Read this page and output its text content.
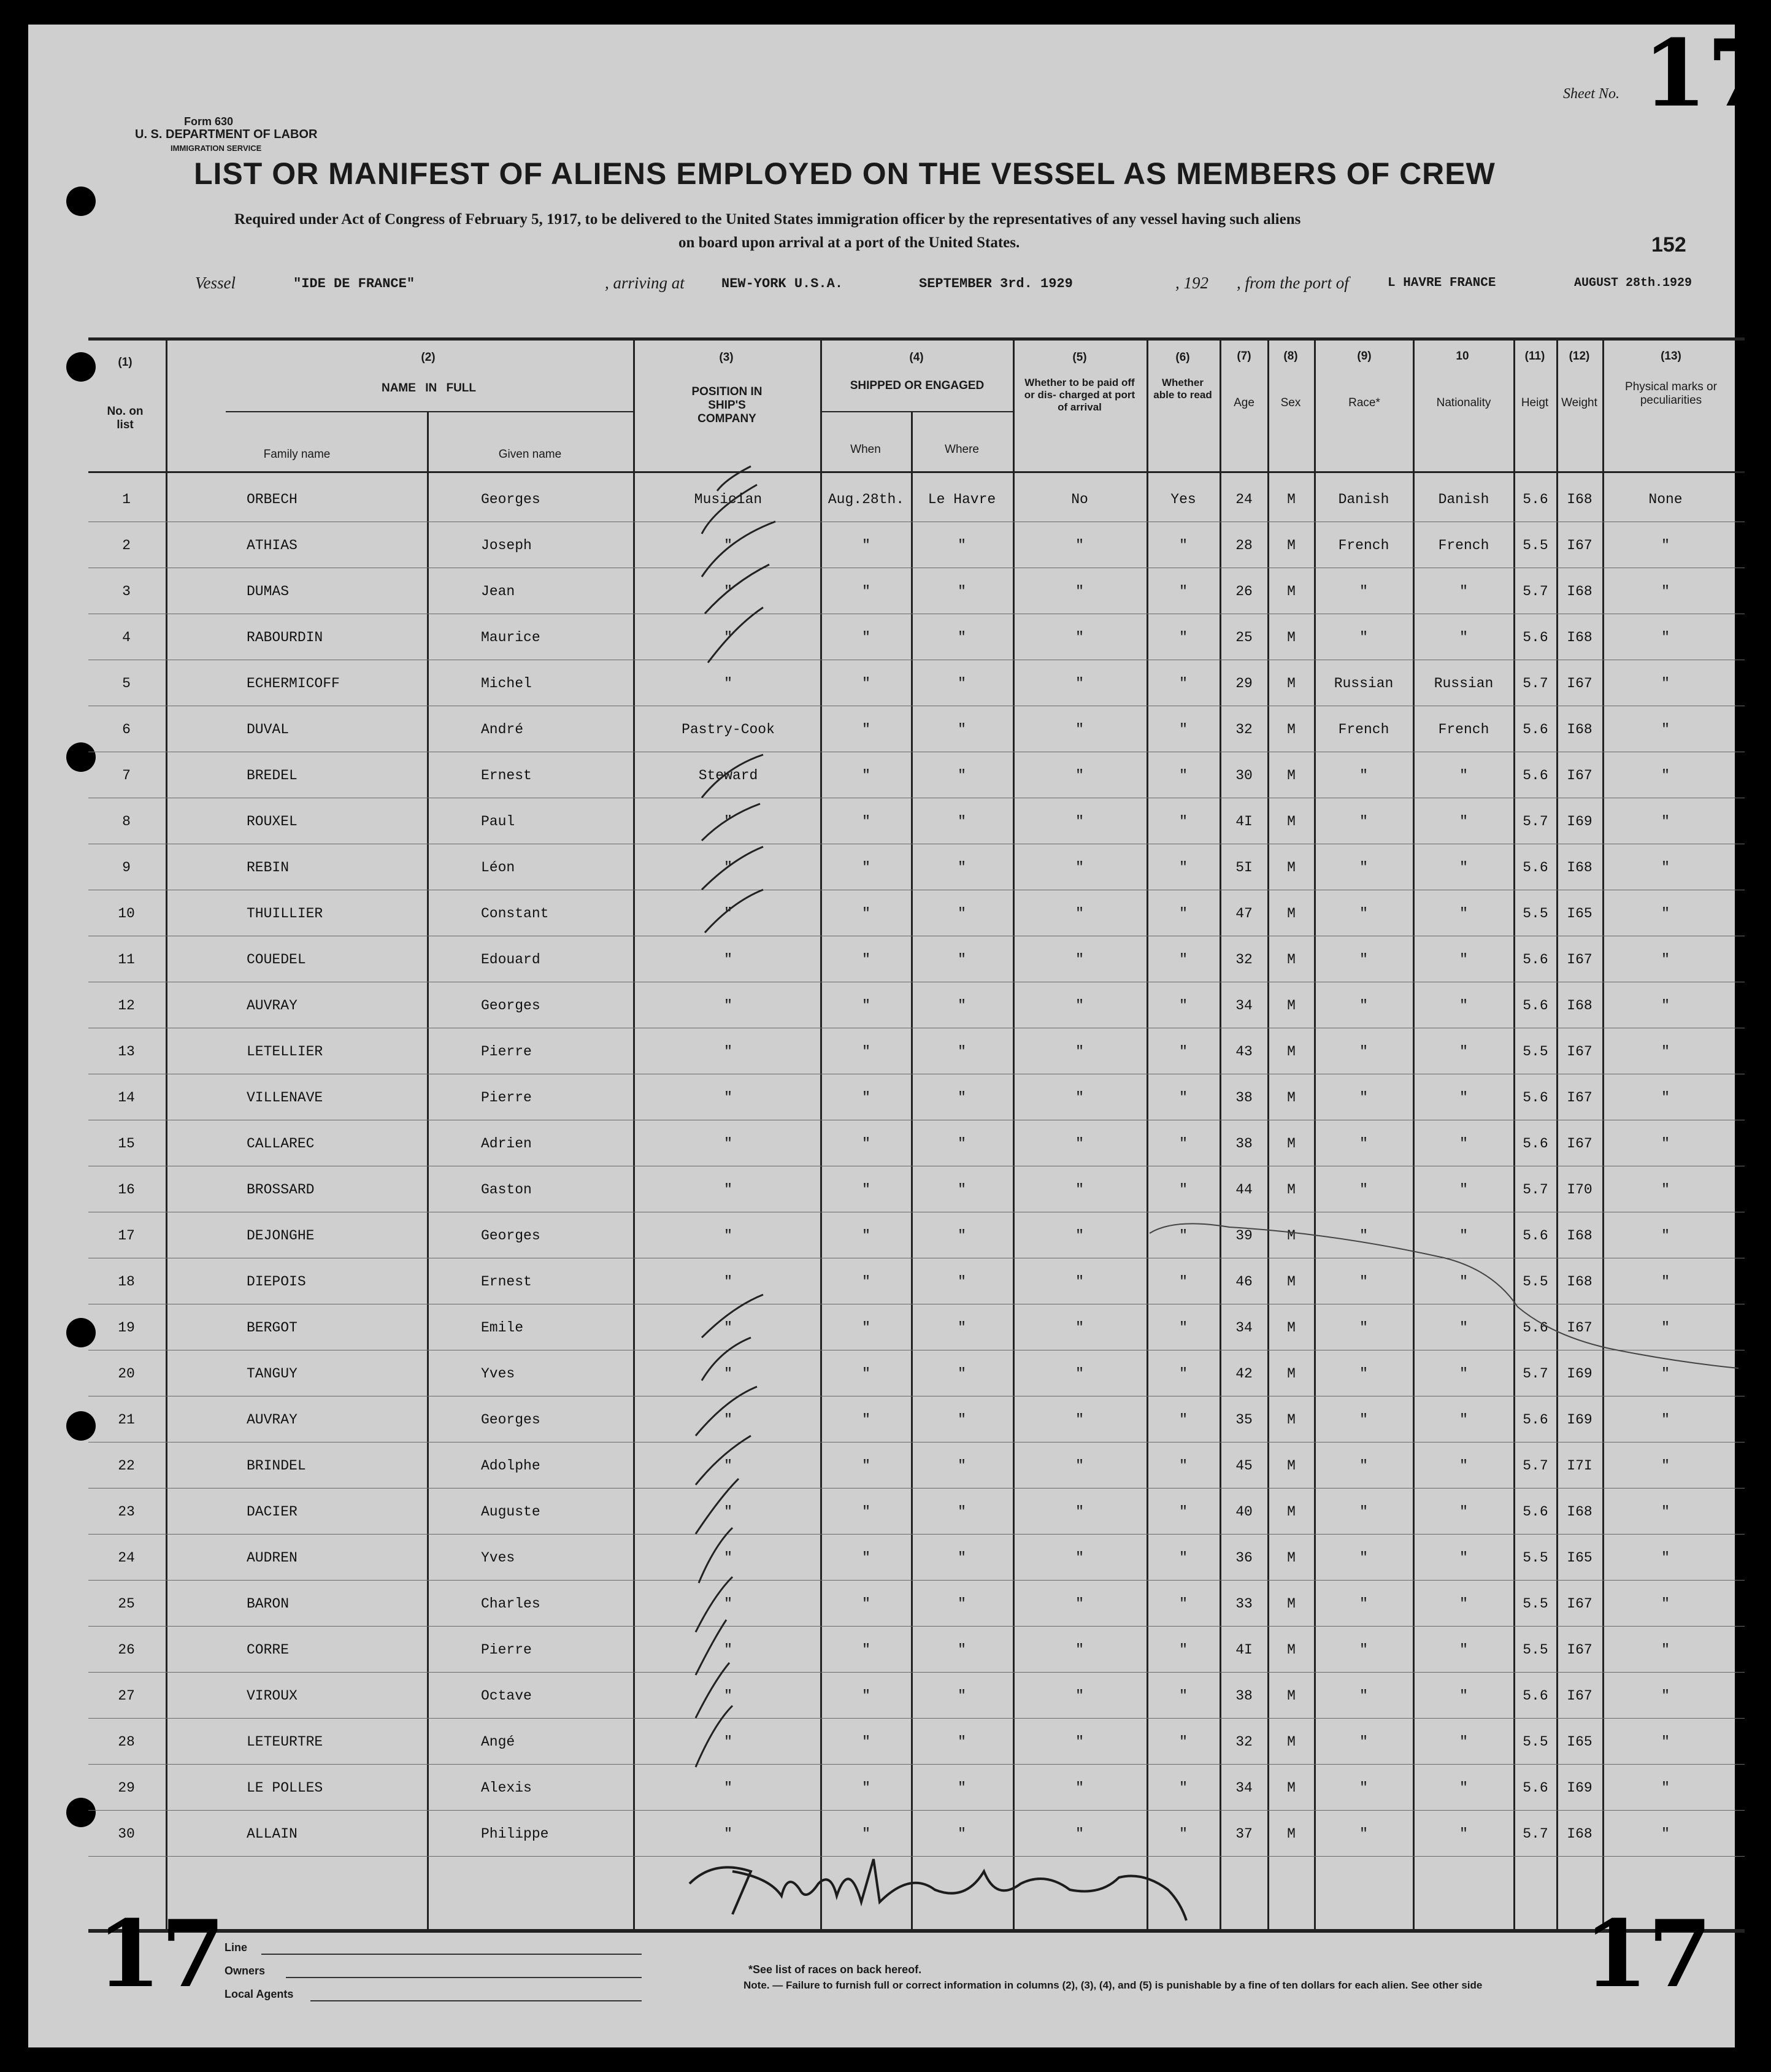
Form 630
U. S. DEPARTMENT OF LABOR
IMMIGRATION SERVICE
Sheet No. 17
152
LIST OR MANIFEST OF ALIENS EMPLOYED ON THE VESSEL AS MEMBERS OF CREW
Required under Act of Congress of February 5, 1917, to be delivered to the United States immigration officer by the representatives of any vessel having such aliens
on board upon arrival at a port of the United States.
Vessel	"IDE DE FRANCE"	, arriving at	NEW-YORK U.S.A.	SEPTEMBER 3rd. 1929	, 192 , from the port of	L HAVRE FRANCE	AUGUST 28th.1929
(1)
No. on list
(2)
NAME IN FULL
Family name	Given name
(3)
POSITION IN SHIP'S COMPANY
(4)
SHIPPED OR ENGAGED
When	Where
(5)
Whether to be paid off or dis- charged at port of arrival
(6)
Whether able to read
(7)
Age
(8)
Sex
(9)
Race*
10
Nationality
(11)
Heigt
(12)
Weight
(13)
Physical marks or peculiarities
1	ORBECH	Georges	Musician	Aug.28th.	Le Havre	No	Yes	24	M	Danish	Danish	5.6	I68	None
2	ATHIAS	Joseph	"	"	"	"	"	28	M	French	French	5.5	I67	"
3	DUMAS	Jean	"	"	"	"	"	26	M	"	"	5.7	I68	"
4	RABOURDIN	Maurice	"	"	"	"	"	25	M	"	"	5.6	I68	"
5	ECHERMICOFF	Michel	"	"	"	"	"	29	M	Russian	Russian	5.7	I67	"
6	DUVAL	André	Pastry-Cook	"	"	"	"	32	M	French	French	5.6	I68	"
7	BREDEL	Ernest	Steward	"	"	"	"	30	M	"	"	5.6	I67	"
8	ROUXEL	Paul	"	"	"	"	"	4I	M	"	"	5.7	I69	"
9	REBIN	Léon	"	"	"	"	"	5I	M	"	"	5.6	I68	"
10	THUILLIER	Constant	"	"	"	"	"	47	M	"	"	5.5	I65	"
11	COUEDEL	Edouard	"	"	"	"	"	32	M	"	"	5.6	I67	"
12	AUVRAY	Georges	"	"	"	"	"	34	M	"	"	5.6	I68	"
13	LETELLIER	Pierre	"	"	"	"	"	43	M	"	"	5.5	I67	"
14	VILLENAVE	Pierre	"	"	"	"	"	38	M	"	"	5.6	I67	"
15	CALLAREC	Adrien	"	"	"	"	"	38	M	"	"	5.6	I67	"
16	BROSSARD	Gaston	"	"	"	"	"	44	M	"	"	5.7	I70	"
17	DEJONGHE	Georges	"	"	"	"	"	39	M	"	"	5.6	I68	"
18	DIEPOIS	Ernest	"	"	"	"	"	46	M	"	"	5.5	I68	"
19	BERGOT	Emile	"	"	"	"	"	34	M	"	"	5.6	I67	"
20	TANGUY	Yves	"	"	"	"	"	42	M	"	"	5.7	I69	"
21	AUVRAY	Georges	"	"	"	"	"	35	M	"	"	5.6	I69	"
22	BRINDEL	Adolphe	"	"	"	"	"	45	M	"	"	5.7	I7I	"
23	DACIER	Auguste	"	"	"	"	"	40	M	"	"	5.6	I68	"
24	AUDREN	Yves	"	"	"	"	"	36	M	"	"	5.5	I65	"
25	BARON	Charles	"	"	"	"	"	33	M	"	"	5.5	I67	"
26	CORRE	Pierre	"	"	"	"	"	4I	M	"	"	5.5	I67	"
27	VIROUX	Octave	"	"	"	"	"	38	M	"	"	5.6	I67	"
28	LETEURTRE	Angé	"	"	"	"	"	32	M	"	"	5.5	I65	"
29	LE POLLES	Alexis	"	"	"	"	"	34	M	"	"	5.6	I69	"
30	ALLAIN	Philippe	"	"	"	"	"	37	M	"	"	5.7	I68	"
17	17
Line
Owners
Local Agents
*See list of races on back hereof.
Note. — Failure to furnish full or correct information in columns (2), (3), (4), and (5) is punishable by a fine of ten dollars for each alien. See other side
